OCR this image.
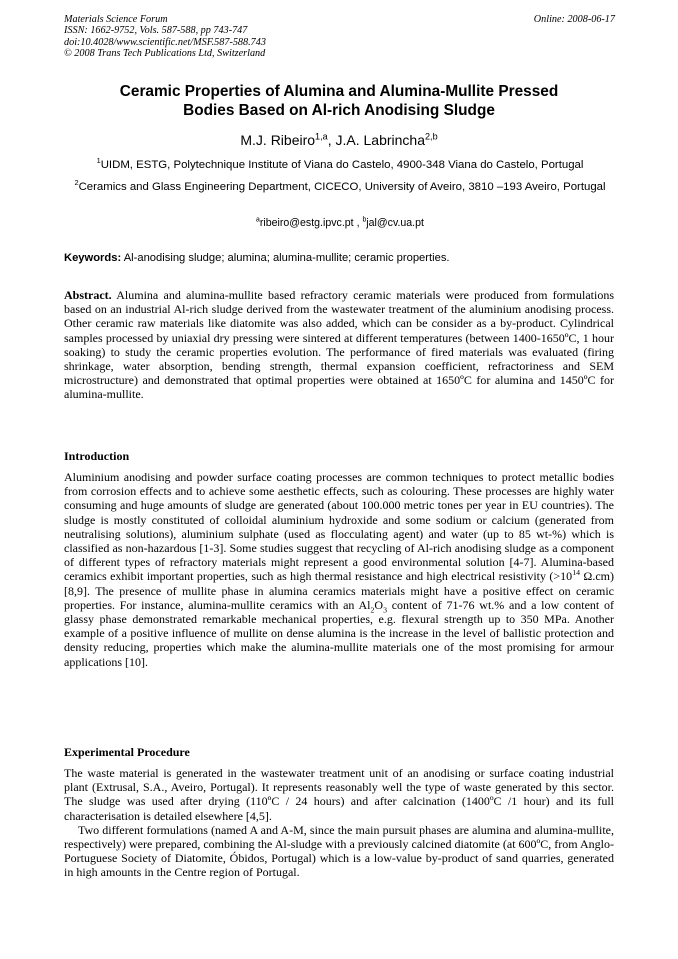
Materials Science Forum
ISSN: 1662-9752, Vols. 587-588, pp 743-747
doi:10.4028/www.scientific.net/MSF.587-588.743
© 2008 Trans Tech Publications Ltd, Switzerland
Online: 2008-06-17
Ceramic Properties of Alumina and Alumina-Mullite Pressed
Bodies Based on Al-rich Anodising Sludge
M.J. Ribeiro$^{1,a}$, J.A. Labrincha$^{2,b}$
$^1$UIDM, ESTG, Polytechnique Institute of Viana do Castelo, 4900-348 Viana do Castelo, Portugal
$^2$Ceramics and Glass Engineering Department, CICECO, University of Aveiro, 3810 –193 Aveiro, Portugal
$^a$ribeiro@estg.ipvc.pt , $^b$jal@cv.ua.pt
Keywords: Al-anodising sludge; alumina; alumina-mullite; ceramic properties.
Abstract. Alumina and alumina-mullite based refractory ceramic materials were produced from formulations based on an industrial Al-rich sludge derived from the wastewater treatment of the aluminium anodising process. Other ceramic raw materials like diatomite was also added, which can be consider as a by-product. Cylindrical samples processed by uniaxial dry pressing were sintered at different temperatures (between 1400-1650ºC, 1 hour soaking) to study the ceramic properties evolution. The performance of fired materials was evaluated (firing shrinkage, water absorption, bending strength, thermal expansion coefficient, refractoriness and SEM microstructure) and demonstrated that optimal properties were obtained at 1650ºC for alumina and 1450ºC for alumina-mullite.
Introduction
Aluminium anodising and powder surface coating processes are common techniques to protect metallic bodies from corrosion effects and to achieve some aesthetic effects, such as colouring. These processes are highly water consuming and huge amounts of sludge are generated (about 100.000 metric tones per year in EU countries). The sludge is mostly constituted of colloidal aluminium hydroxide and some sodium or calcium (generated from neutralising solutions), aluminium sulphate (used as flocculating agent) and water (up to 85 wt-%) which is classified as non-hazardous [1-3]. Some studies suggest that recycling of Al-rich anodising sludge as a component of different types of refractory materials might represent a good environmental solution [4-7]. Alumina-based ceramics exhibit important properties, such as high thermal resistance and high electrical resistivity ($>10^{14}$ Ω.cm) [8,9]. The presence of mullite phase in alumina ceramics materials might have a positive effect on ceramic properties. For instance, alumina-mullite ceramics with an $Al_2O_3$ content of 71-76 wt.% and a low content of glassy phase demonstrated remarkable mechanical properties, e.g. flexural strength up to 350 MPa. Another example of a positive influence of mullite on dense alumina is the increase in the level of ballistic protection and density reducing, properties which make the alumina-mullite materials one of the most promising for armour applications [10].
Experimental Procedure

The waste material is generated in the wastewater treatment unit of an anodising or surface coating industrial plant (Extrusal, S.A., Aveiro, Portugal). It represents reasonably well the type of waste generated by this sector. The sludge was used after drying (110ºC / 24 hours) and after calcination (1400ºC /1 hour) and its full characterisation is detailed elsewhere [4,5].

Two different formulations (named A and A-M, since the main pursuit phases are alumina and alumina-mullite, respectively) were prepared, combining the Al-sludge with a previously calcined diatomite (at 600ºC, from Anglo-Portuguese Society of Diatomite, Óbidos, Portugal) which is a low-value by-product of sand quarries, generated in high amounts in the Centre region of Portugal.
